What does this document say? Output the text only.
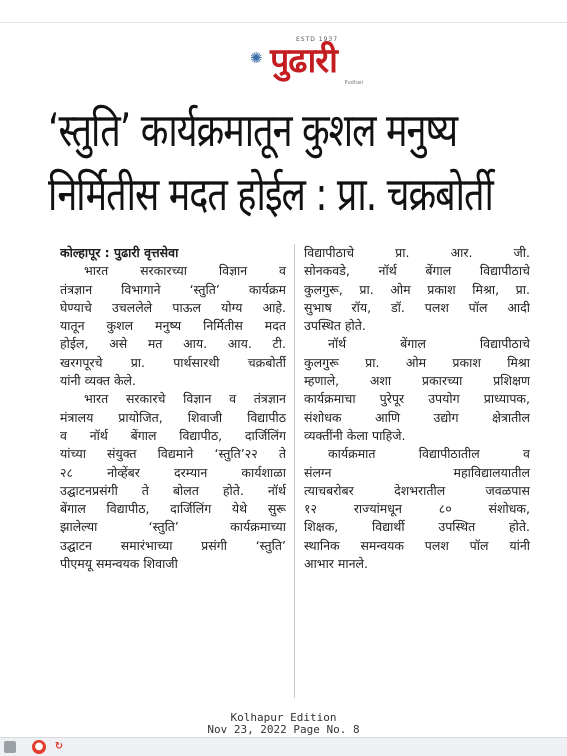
✺
ESTD 1937
पुढारी
Pudhari
‘स्तुति’ कार्यक्रमातून कुशल मनुष्य
निर्मितीस मदत होईल : प्रा. चक्रबोर्ती
कोल्हापूर : पुढारी वृत्तसेवा
भारत सरकारच्या विज्ञान व
तंत्रज्ञान विभागाने ‘स्तुति’ कार्यक्रम
घेण्याचे उचललेले पाऊल योग्य आहे.
यातून कुशल मनुष्य निर्मितीस मदत
होईल, असे मत आय. आय. टी.
खरगपूरचे प्रा. पार्थसारथी चक्रबोर्ती
यांनी व्यक्त केले.
भारत सरकारचे विज्ञान व तंत्रज्ञान
मंत्रालय प्रायोजित, शिवाजी विद्यापीठ
व नॉर्थ बेंगाल विद्यापीठ, दार्जिलिंग
यांच्या संयुक्त विद्यमाने ‘स्तुति’२२ ते
२८ नोव्हेंबर दरम्यान कार्यशाळा
उद्घाटनप्रसंगी ते बोलत होते. नॉर्थ
बेंगाल विद्यापीठ, दार्जिलिंग येथे सुरू
झालेल्या ‘स्तुति’ कार्यक्रमाच्या
उद्घाटन समारंभाच्या प्रसंगी ‘स्तुति’
पीएमयू समन्वयक शिवाजी
विद्यापीठाचे प्रा. आर. जी.
सोनकवडे, नॉर्थ बेंगाल विद्यापीठाचे
कुलगुरू, प्रा. ओम प्रकाश मिश्रा, प्रा.
सुभाष रॉय, डॉ. पलश पॉल आदी
उपस्थित होते.
नॉर्थ बेंगाल विद्यापीठाचे
कुलगुरू प्रा. ओम प्रकाश मिश्रा
म्हणाले, अशा प्रकारच्या प्रशिक्षण
कार्यक्रमाचा पुरेपूर उपयोग प्राध्यापक,
संशोधक आणि उद्योग क्षेत्रातील
व्यक्तींनी केला पाहिजे.
कार्यक्रमात विद्यापीठातील व
संलग्न महाविद्यालयातील
त्याचबरोबर देशभरातील जवळपास
१२ राज्यांमधून ८० संशोधक,
शिक्षक, विद्यार्थी उपस्थित होते.
स्थानिक समन्वयक पलश पॉल यांनी
आभार मानले.
Kolhapur Edition
Nov 23, 2022 Page No. 8
● ↻
